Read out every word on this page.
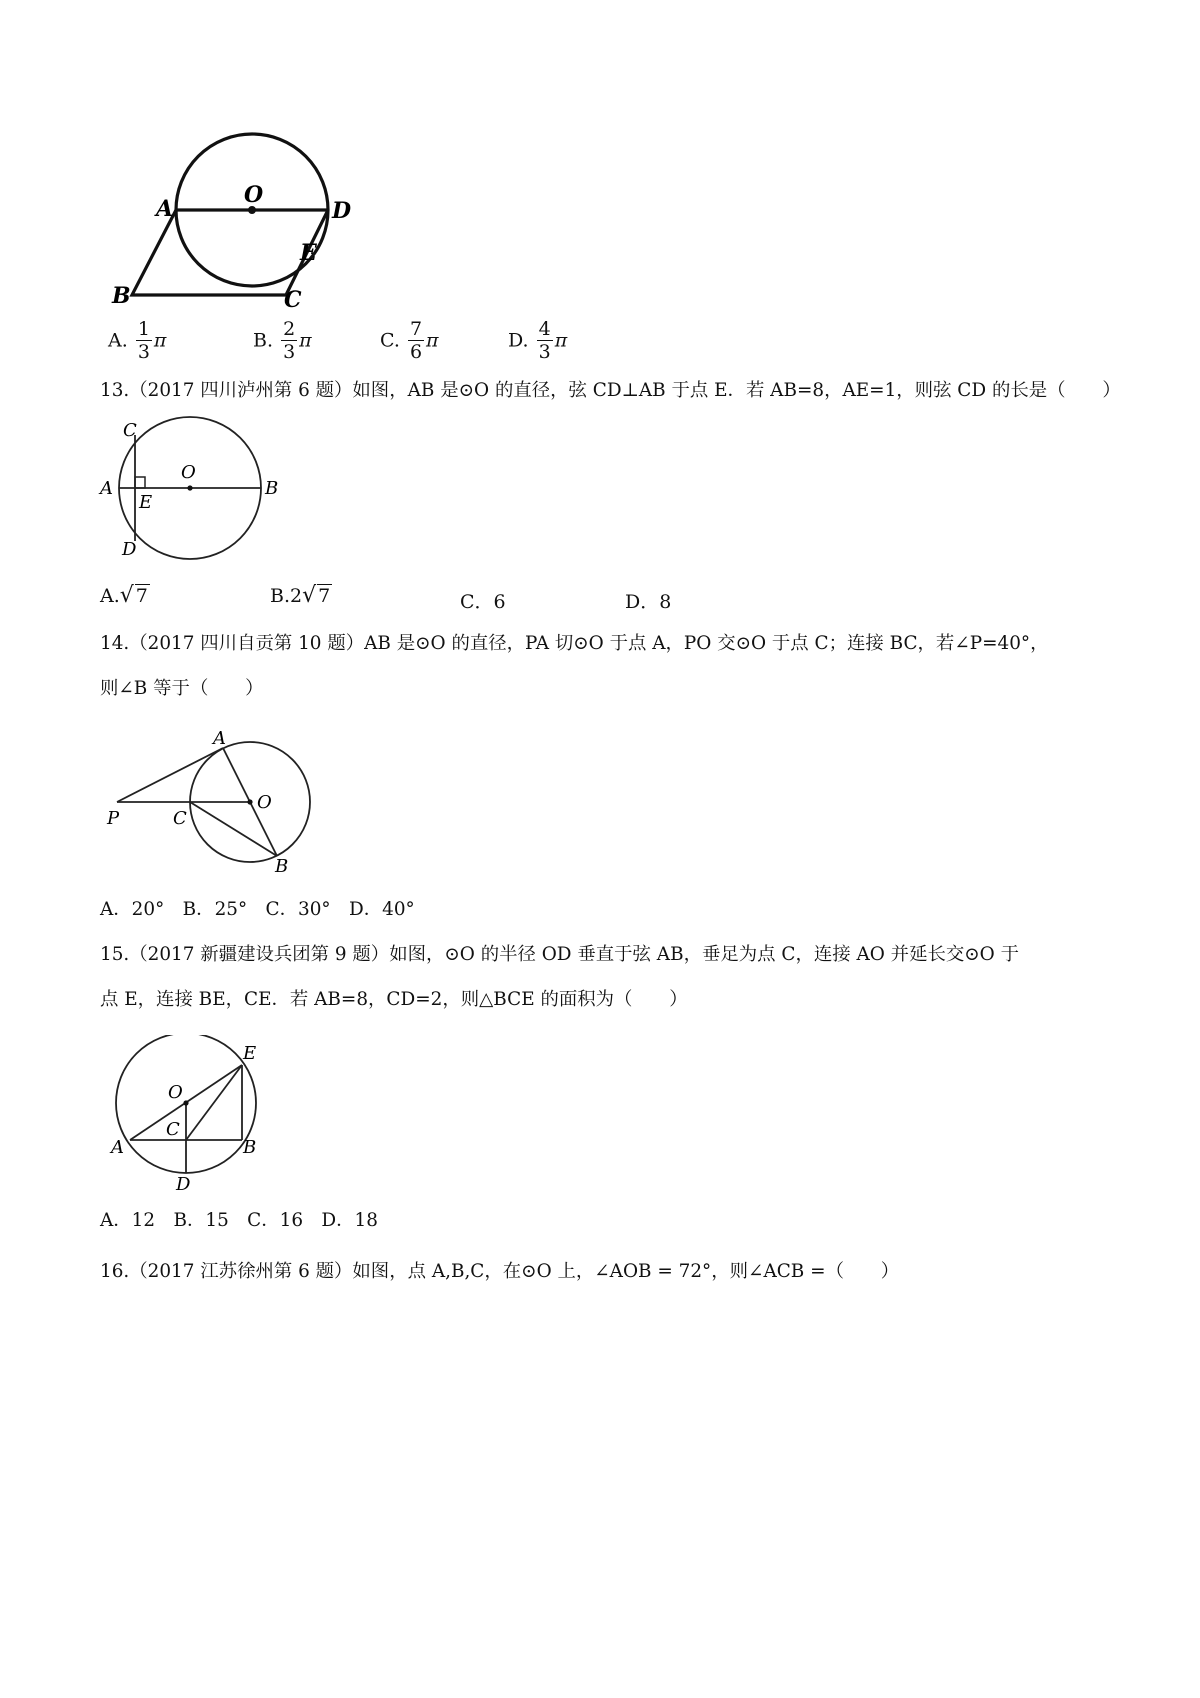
A
O
D
B	C
E
A. $\frac{1}{3}$ π	B. $\frac{2}{3}$ π	C. $\frac{7}{6}$ π	D. $\frac{4}{3}$ π
13.（2017 四川泸州第 6 题）如图，AB 是⊙O 的直径，弦 CD⊥AB 于点 E．若 AB=8，AE=1，则弦 CD 的长是（　　）
C
A
O
B
E
D
A.√ 7	B.2√ 7	C．6	D．8
14.（2017 四川自贡第 10 题）AB 是⊙O 的直径，PA 切⊙O 于点 A，PO 交⊙O 于点 C；连接 BC，若∠P=40°，
则∠B 等于（　　）
A
P	C
O
B
A．20°　B．25°　C．30°　D．40°
15.（2017 新疆建设兵团第 9 题）如图，⊙O 的半径 OD 垂直于弦 AB，垂足为点 C，连接 AO 并延长交⊙O 于
点 E，连接 BE，CE．若 AB=8，CD=2，则△BCE 的面积为（　　）
E
O
C
A	B
D
A．12　B．15　C．16　D．18
16.（2017 江苏徐州第 6 题）如图，点 A,B,C，在⊙O 上，∠AOB = 72°，则∠ACB =（　　）
